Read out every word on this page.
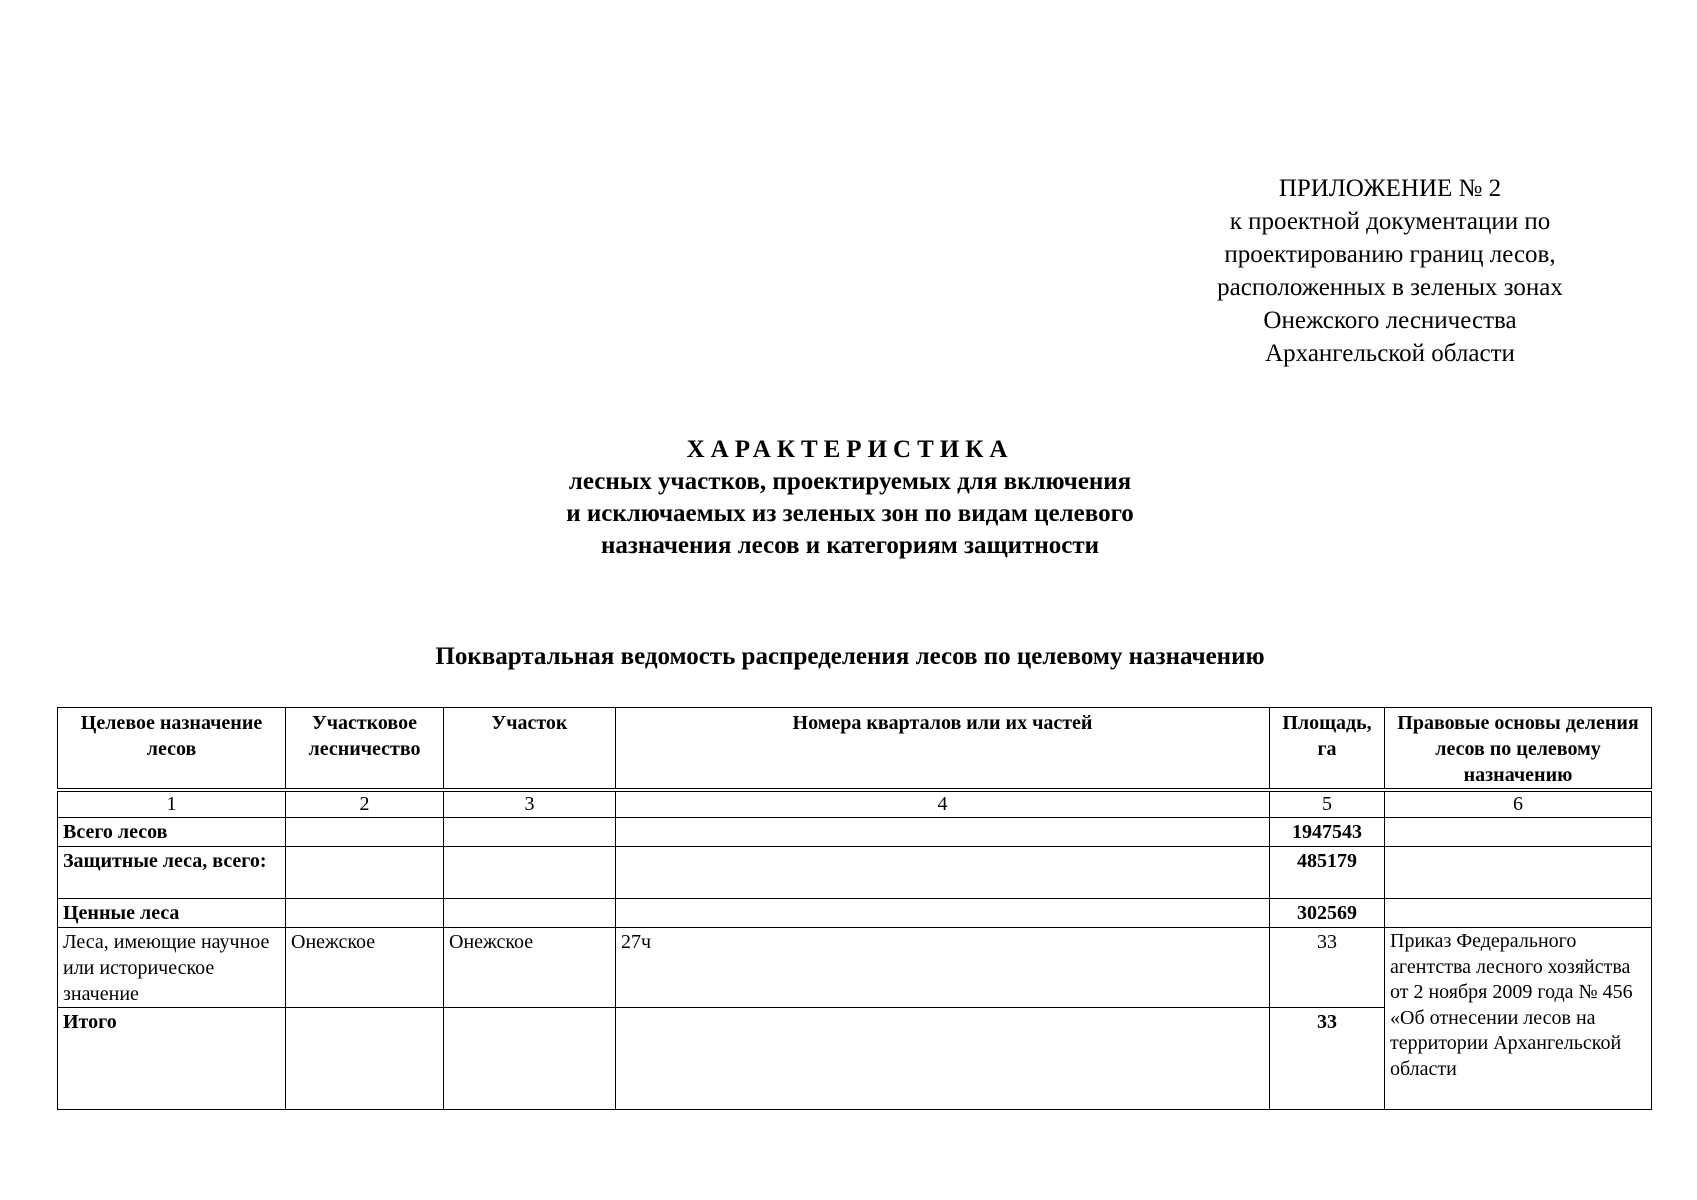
ПРИЛОЖЕНИЕ № 2
к проектной документации по
проектированию границ лесов,
расположенных в зеленых зонах
Онежского лесничества
Архангельской области
ХАРАКТЕРИСТИКА
лесных участков, проектируемых для включения
и исключаемых из зеленых зон по видам целевого
назначения лесов и категориям защитности
Поквартальная ведомость распределения лесов по целевому назначению
Целевое назначение лесов	Участковое лесничество	Участок	Номера кварталов или их частей	Площадь, га	Правовые основы деления лесов по целевому назначению
1	2	3	4	5	6
Всего лесов				1947543	
Защитные леса, всего:				485179	
Ценные леса				302569	
Леса, имеющие научное или историческое значение	Онежское	Онежское	27ч	33	Приказ Федерального агентства лесного хозяйства от 2 ноября 2009 года № 456 «Об отнесении лесов на территории Архангельской области
Итого				33	
